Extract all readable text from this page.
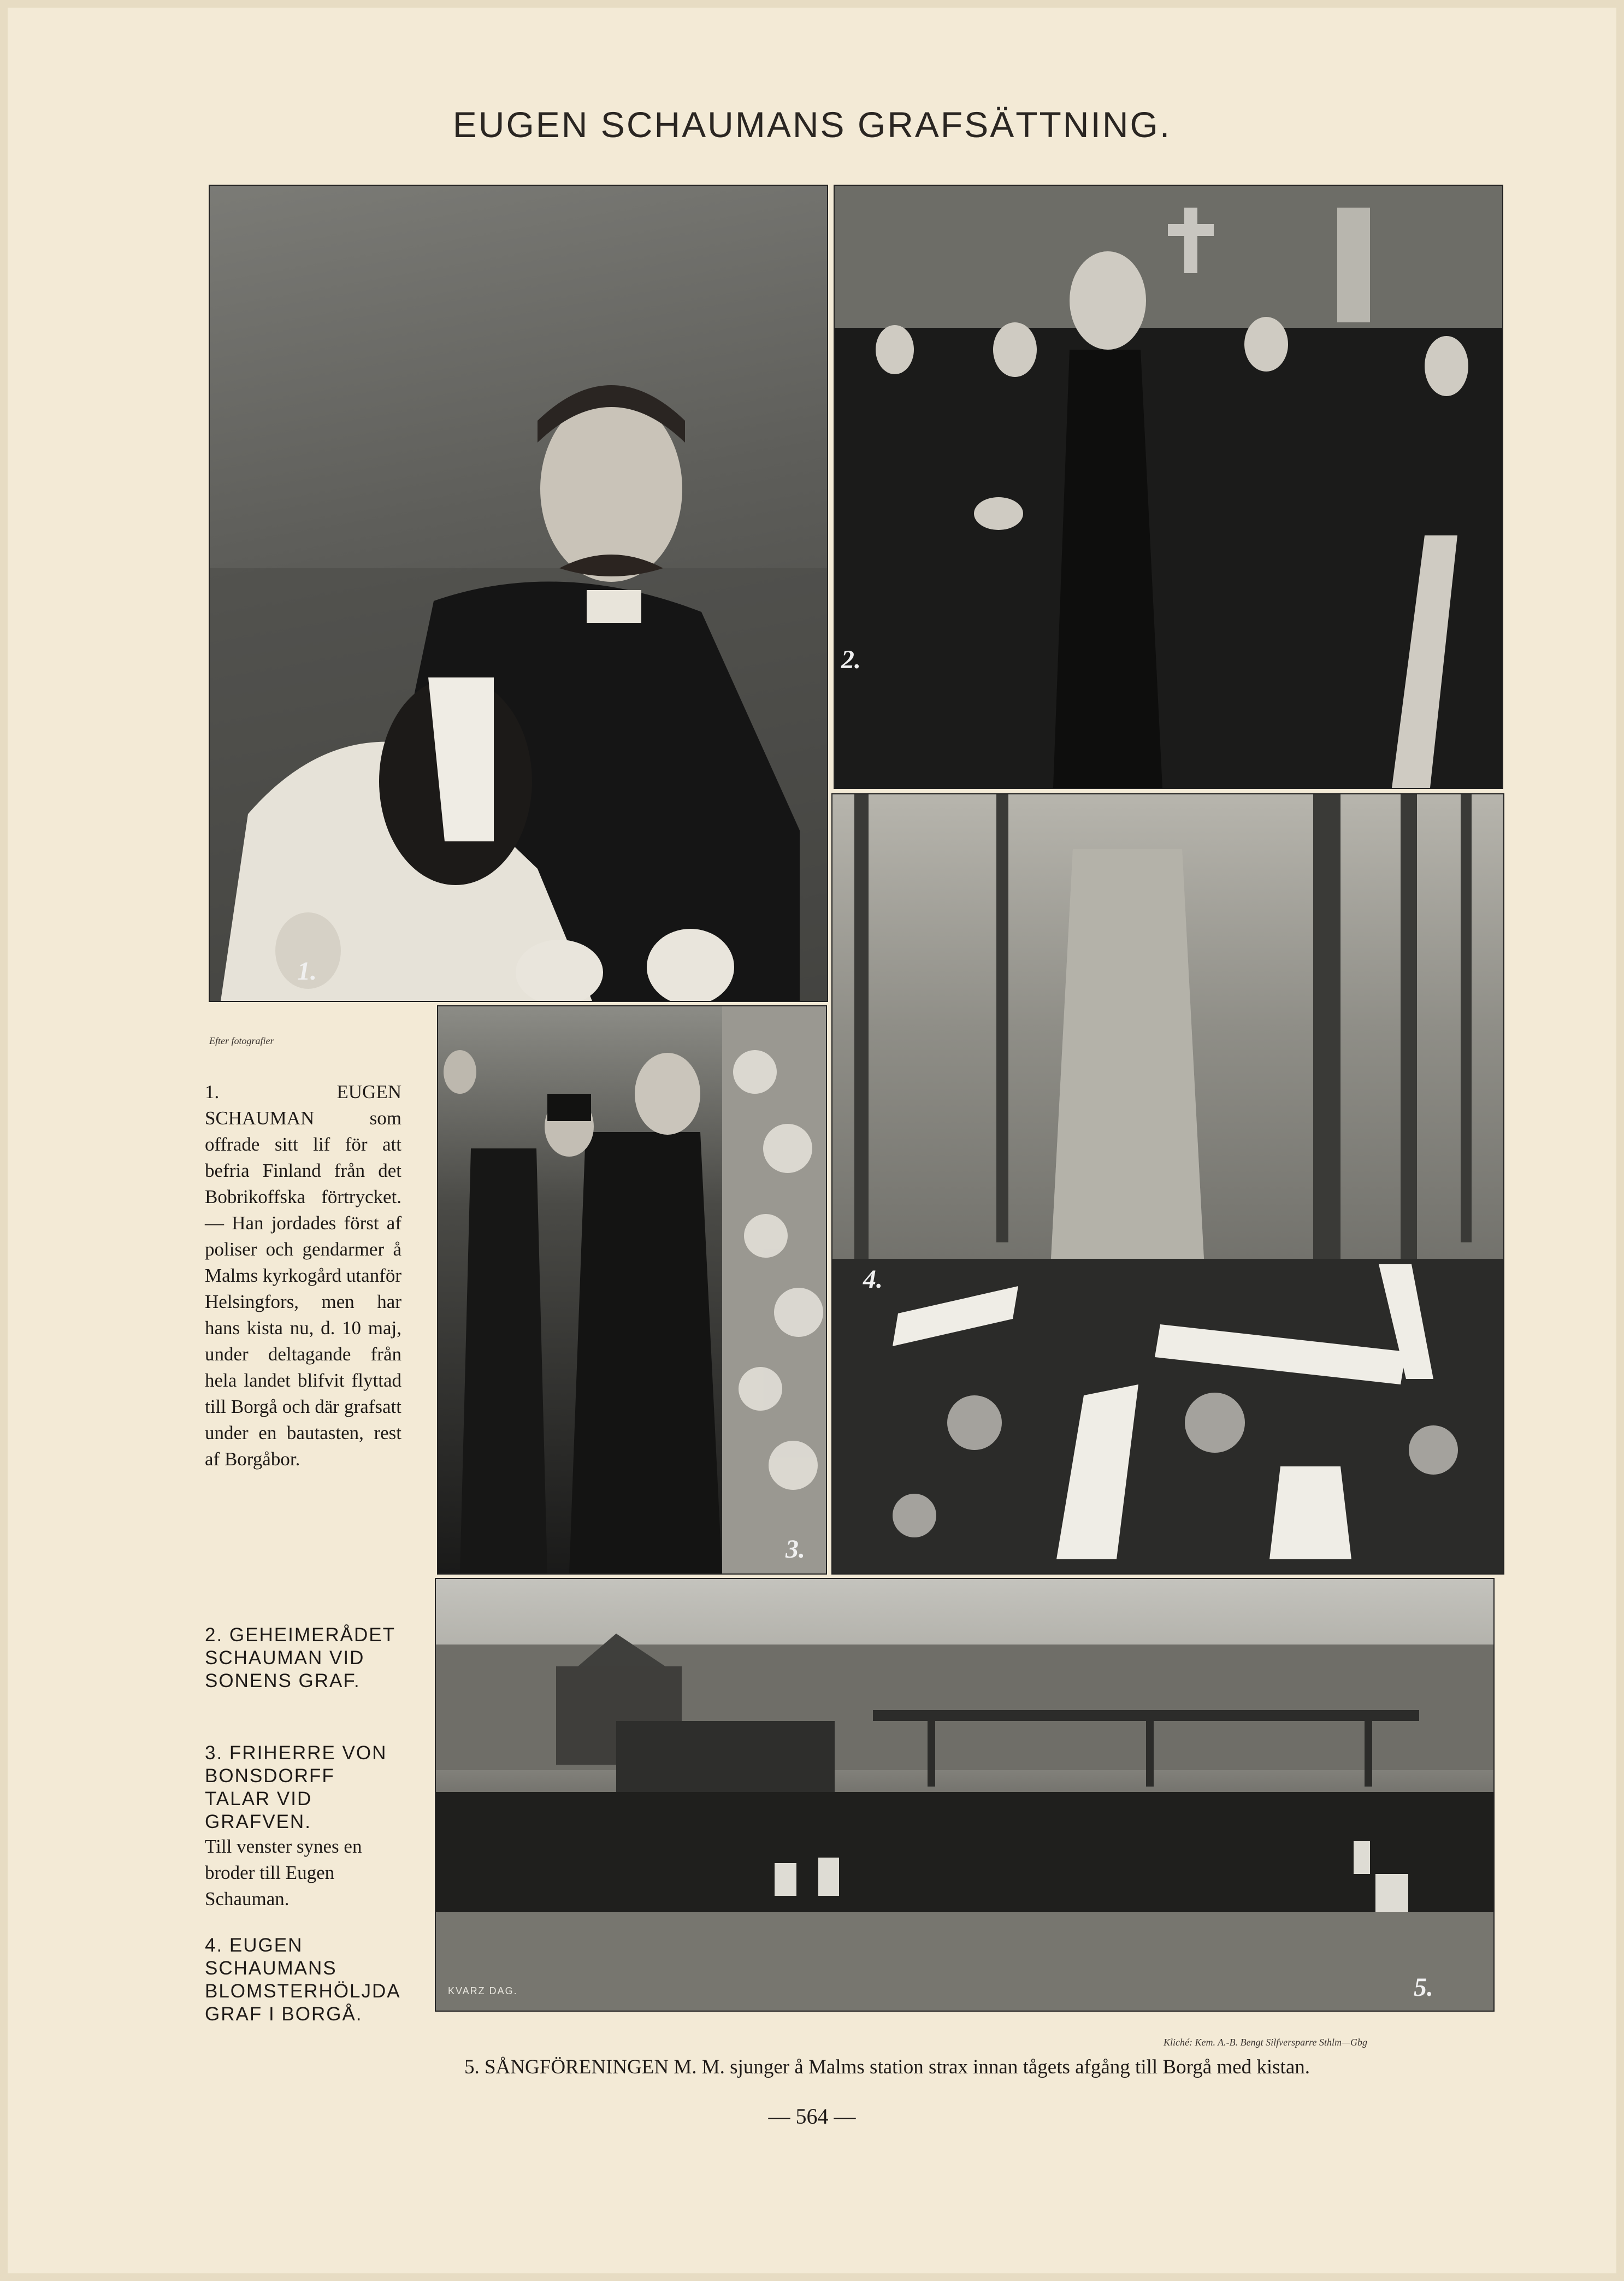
EUGEN SCHAUMANS GRAFSÄTTNING.
1.
2.
3.
4.
KVARZ DAG.	5.
Efter fotografier
Kliché: Kem. A.-B. Bengt Silfversparre Sthlm—Gbg
1. EUGEN SCHAUMAN som offrade sitt lif för att befria Finland från det Bobrikoffska förtrycket. — Han jordades först af poliser och gendarmer å Malms kyrkogård utanför Helsingfors, men har hans kista nu, d. 10 maj, under deltagande från hela landet blifvit flyttad till Borgå och där grafsatt under en bautasten, rest af Borgåbor.
2. GEHEIMERÅDET SCHAUMAN VID SONENS GRAF.
3. FRIHERRE VON BONSDORFF TALAR VID GRAFVEN.
Till venster synes en broder till Eugen Schauman.
4. EUGEN SCHAUMANS BLOMSTERHÖLJDA GRAF I BORGÅ.
5. SÅNGFÖRENINGEN M. M. sjunger å Malms station strax innan tågets afgång till Borgå med kistan.
— 564 —
